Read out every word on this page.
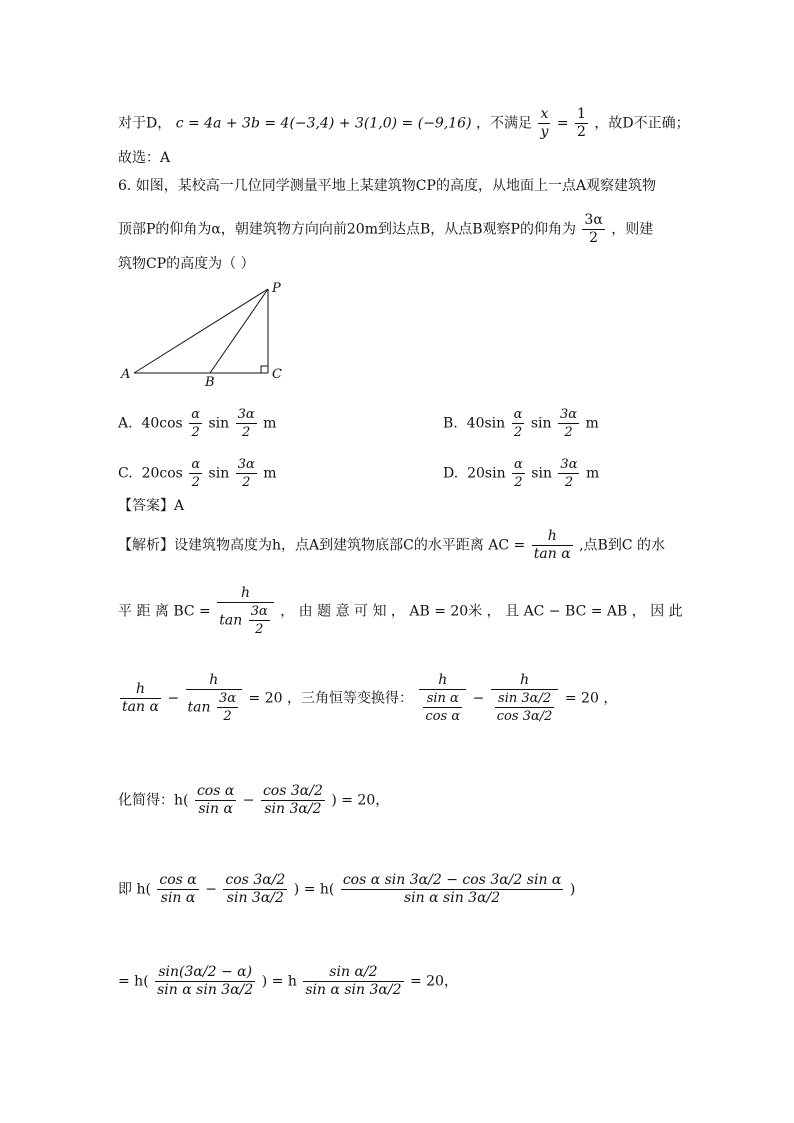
对于D， c = 4a + 3b = 4(−3,4) + 3(1,0) = (−9,16) ，不满足 $\frac{x}{y} = \frac{1}{2}$ ，故D不正确；
故选：A
6. 如图，某校高一几位同学测量平地上某建筑物CP的高度，从地面上一点A观察建筑物
顶部P的仰角为α，朝建筑物方向向前20m到达点B，从点B观察P的仰角为 $\frac{3\alpha}{2}$ ，则建
筑物CP的高度为（ ）
P
A
B
C
A. $40\cos \frac{\alpha}{2}$ $\sin \frac{3\alpha}{2}$ m	B. $40\sin \frac{\alpha}{2}$ $\sin \frac{3\alpha}{2}$ m
C. $20\cos \frac{\alpha}{2}$ $\sin \frac{3\alpha}{2}$ m	D. $20\sin \frac{\alpha}{2}$ $\sin \frac{3\alpha}{2}$ m
【答案】A
【解析】设建筑物高度为h，点A到建筑物底部C的水平距离 AC = $\frac{h}{\text{tan α}}$ ,点B到C 的水
平 距 离 BC = $\frac{h}{\tan \frac{3\alpha}{2}}$ ， 由 题 意 可 知 ， AB = 20米 ， 且 AC − BC = AB ， 因 此
$\frac{h}{\text{tan α}} - \frac{h}{\tan \frac{3\alpha}{2}} = 20$ ，三角恒等变换得： $\frac{h}{\frac{\text{sin α}}{\text{cos α}}} - \frac{h}{\frac{\sin 3\alpha/2}{\cos 3\alpha/2}} = 20$ ，
化简得：$h( \frac{\text{cos α}}{\text{sin α}} - \frac{\cos 3\alpha/2}{\sin 3\alpha/2}$ ) = 20，
即 $h( \frac{\text{cos α}}{\text{sin α}} - \frac{\cos 3\alpha/2}{\sin 3\alpha/2}$ ) = $h( \frac{\text{cos α sin 3α/2 − cos 3α/2 sin α}}{\text{sin α sin 3α/2}}$ )
= $h( \frac{\sin(3\alpha/2 - \alpha)}{\text{sin α sin 3α/2}}$ ) = h $\frac{\text{sin α/2}}{\text{sin α sin 3α/2}} = 20$，
